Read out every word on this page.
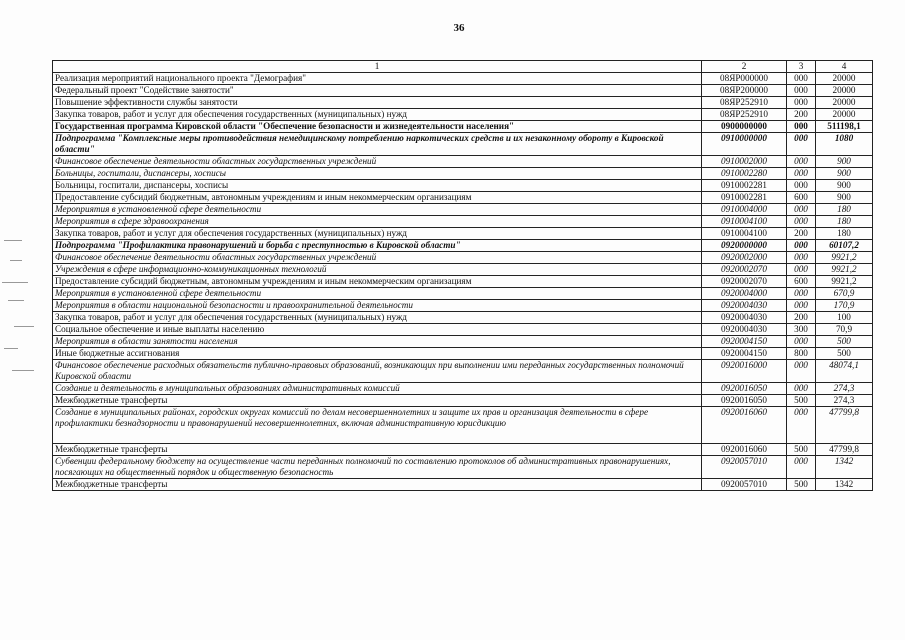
36
1	2	3	4
Реализация мероприятий национального проекта "Демография"	08ЯР000000	000	20000
Федеральный проект "Содействие занятости"	08ЯР200000	000	20000
Повышение эффективности службы занятости	08ЯР252910	000	20000
Закупка товаров, работ и услуг для обеспечения государственных (муниципальных) нужд	08ЯР252910	200	20000
Государственная программа Кировской области "Обеспечение безопасности и жизнедеятельности населения"	0900000000	000	511198,1
Подпрограмма "Комплексные меры противодействия немедицинскому потреблению наркотических средств и их незаконному обороту в Кировской области"	0910000000	000	1080
Финансовое обеспечение деятельности областных государственных учреждений	0910002000	000	900
Больницы, госпитали, диспансеры, хосписы	0910002280	000	900
Больницы, госпитали, диспансеры, хосписы	0910002281	000	900
Предоставление субсидий бюджетным, автономным учреждениям и иным некоммерческим организациям	0910002281	600	900
Мероприятия в установленной сфере деятельности	0910004000	000	180
Мероприятия в сфере здравоохранения	0910004100	000	180
Закупка товаров, работ и услуг для обеспечения государственных (муниципальных) нужд	0910004100	200	180
Подпрограмма "Профилактика правонарушений и борьба с преступностью в Кировской области"	0920000000	000	60107,2
Финансовое обеспечение деятельности областных государственных учреждений	0920002000	000	9921,2
Учреждения в сфере информационно-коммуникационных технологий	0920002070	000	9921,2
Предоставление субсидий бюджетным, автономным учреждениям и иным некоммерческим организациям	0920002070	600	9921,2
Мероприятия в установленной сфере деятельности	0920004000	000	670,9
Мероприятия в области национальной безопасности и правоохранительной деятельности	0920004030	000	170,9
Закупка товаров, работ и услуг для обеспечения государственных (муниципальных) нужд	0920004030	200	100
Социальное обеспечение и иные выплаты населению	0920004030	300	70,9
Мероприятия в области занятости населения	0920004150	000	500
Иные бюджетные ассигнования	0920004150	800	500
Финансовое обеспечение расходных обязательств публично-правовых образований, возникающих при выполнении ими переданных государственных полномочий Кировской области	0920016000	000	48074,1
Создание и деятельность в муниципальных образованиях административных комиссий	0920016050	000	274,3
Межбюджетные трансферты	0920016050	500	274,3
Создание в муниципальных районах, городских округах комиссий по делам несовершеннолетних и защите их прав и организация деятельности в сфере профилактики безнадзорности и правонарушений несовершеннолетних, включая административную юрисдикцию	0920016060	000	47799,8
Межбюджетные трансферты	0920016060	500	47799,8
Субвенции федеральному бюджету на осуществление части переданных полномочий по составлению протоколов об административных правонарушениях, посягающих на общественный порядок и общественную безопасность	0920057010	000	1342
Межбюджетные трансферты	0920057010	500	1342
